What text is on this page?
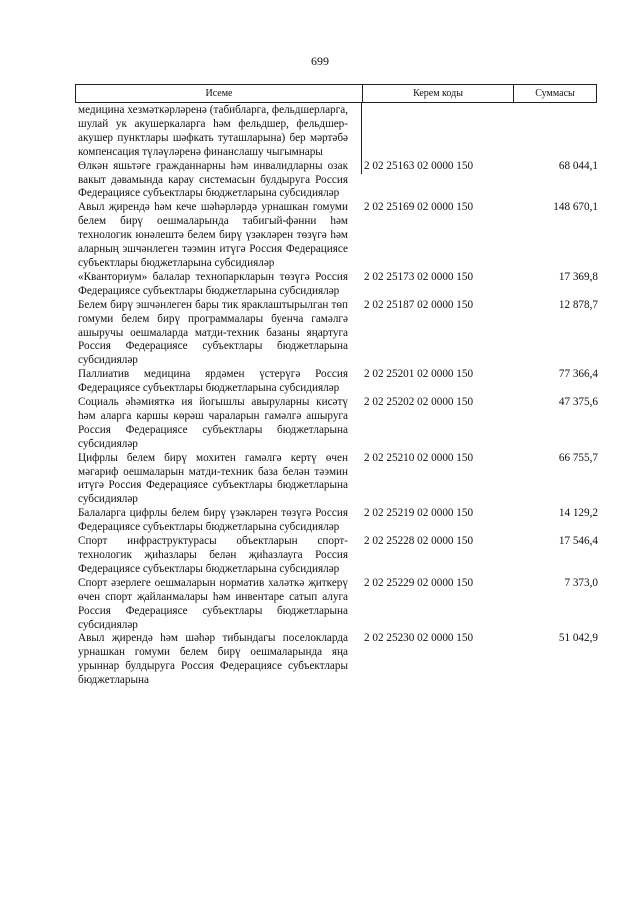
699
Исеме	Керем коды	Суммасы
медицина хезмәткәрләренә (табибларга, фельдшерларга, шулай ук акушеркаларга һәм фельдшер, фельдшер-акушер пунктлары шәфкать туташларына) бер мәртәбә компенсация түләүләренә финанслашу чыгымнары
Өлкән яшьтәге гражданнарны һәм инвалидларны озак вакыт дәвамында карау системасын булдыруга Россия Федерациясе субъектлары бюджетларына субсидияләр
2 02 25163 02 0000 150	68 044,1
Авыл җирендә һәм кече шәһәрләрдә урнашкан гомуми белем бирү оешмаларында табигый-фәнни һәм технологик юнәлештә белем бирү үзәкләрен төзүгә һәм аларның эшчәнлеген тәэмин итүгә Россия Федерациясе субъектлары бюджетларына субсидияләр
2 02 25169 02 0000 150	148 670,1
«Кванториум» балалар технопаркларын төзүгә Россия Федерациясе субъектлары бюджетларына субсидияләр
2 02 25173 02 0000 150	17 369,8
Белем бирү эшчәнлеген бары тик яраклаштырылган төп гомуми белем бирү программалары буенча гамәлгә ашыручы оешмаларда матди-техник базаны яңартуга Россия Федерациясе субъектлары бюджетларына субсидияләр
2 02 25187 02 0000 150	12 878,7
Паллиатив медицина ярдәмен үстерүгә Россия Федерациясе субъектлары бюджетларына субсидияләр
2 02 25201 02 0000 150	77 366,4
Социаль әһәмияткә ия йогышлы авыруларны кисәтү һәм аларга каршы көрәш чараларын гамәлгә ашыруга Россия Федерациясе субъектлары бюджетларына субсидияләр
2 02 25202 02 0000 150	47 375,6
Цифрлы белем бирү мохитен гамәлгә кертү өчен мәгариф оешмаларын матди-техник база белән тәэмин итүгә Россия Федерациясе субъектлары бюджетларына субсидияләр
2 02 25210 02 0000 150	66 755,7
Балаларга цифрлы белем бирү үзәкләрен төзүгә Россия Федерациясе субъектлары бюджетларына субсидияләр
2 02 25219 02 0000 150	14 129,2
Спорт инфраструктурасы объектларын спорт-технологик җиһазлары белән җиһазлауга Россия Федерациясе субъектлары бюджетларына субсидияләр
2 02 25228 02 0000 150	17 546,4
Спорт әзерлеге оешмаларын норматив халәткә җиткерү өчен спорт җайланмалары һәм инвентаре сатып алуга Россия Федерациясе субъектлары бюджетларына субсидияләр
2 02 25229 02 0000 150	7 373,0
Авыл җирендә һәм шәһәр тибындагы поселокларда урнашкан гомуми белем бирү оешмаларында яңа урыннар булдыруга Россия Федерациясе субъектлары бюджетларына
2 02 25230 02 0000 150	51 042,9
